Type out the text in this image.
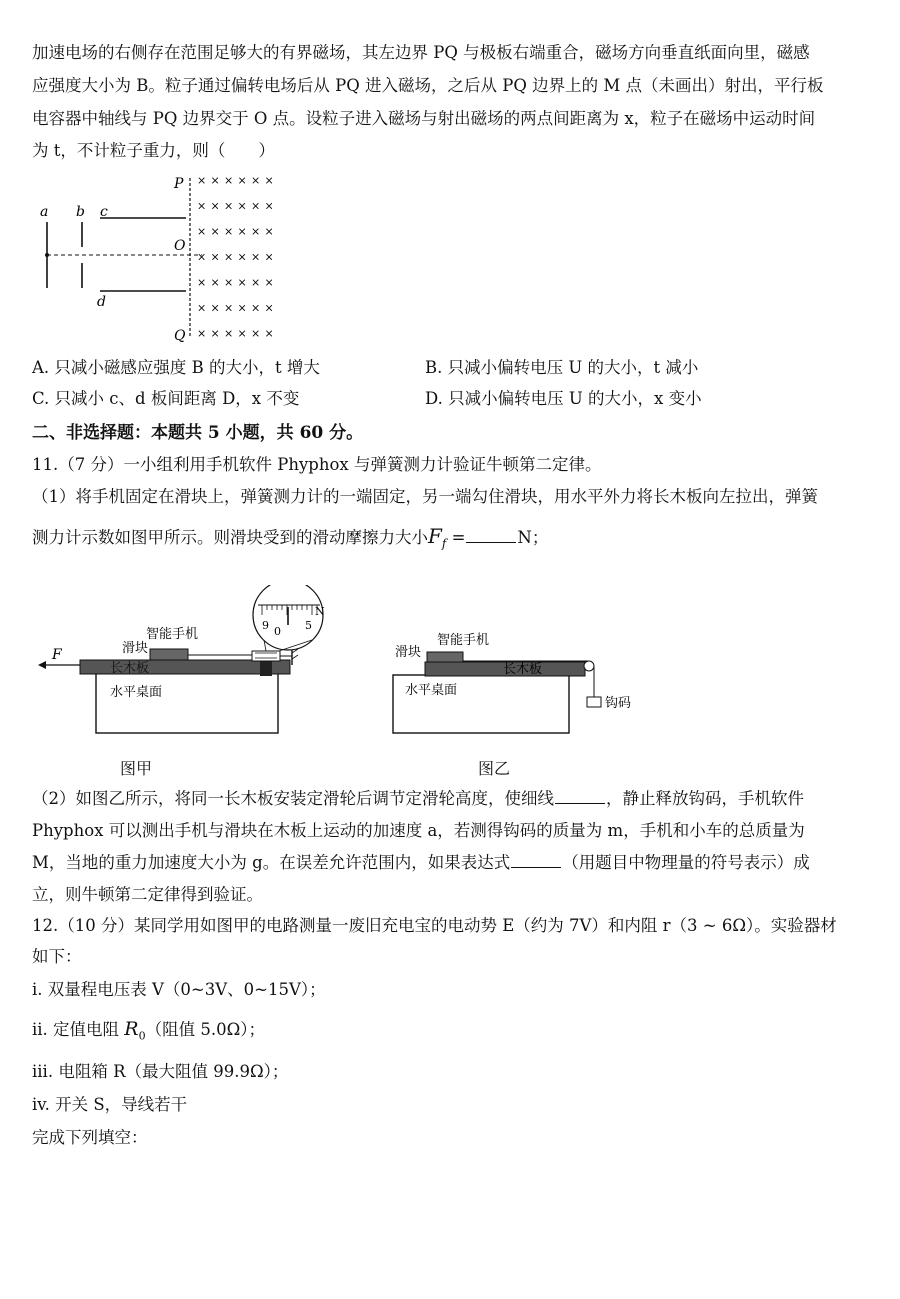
加速电场的右侧存在范围足够大的有界磁场，其左边界 PQ 与极板右端重合，磁场方向垂直纸面向里，磁感
应强度大小为 B。粒子通过偏转电场后从 PQ 进入磁场，之后从 PQ 边界上的 M 点（未画出）射出，平行板
电容器中轴线与 PQ 边界交于 O 点。设粒子进入磁场与射出磁场的两点间距离为 x，粒子在磁场中运动时间
为 t，不计粒子重力，则（　　）
a b c
d
O
P
Q
× × × × × ×
× × × × × ×
× × × × × ×
× × × × × ×
× × × × × ×
× × × × × ×
× × × × × ×
A. 只减小磁感应强度 B 的大小，t 增大	B. 只减小偏转电压 U 的大小，t 减小
C. 只减小 c、d 板间距离 D，x 不变	D. 只减小偏转电压 U 的大小，x 变小
二、非选择题：本题共 5 小题，共 60 分。
11.（7 分）一小组利用手机软件 Phyphox 与弹簧测力计验证牛顿第二定律。
（1）将手机固定在滑块上，弹簧测力计的一端固定，另一端勾住滑块，用水平外力将长木板向左拉出，弹簧
测力计示数如图甲所示。则滑块受到的滑动摩擦力大小$F_f$ =	N；
0
N
9	5
F
智能手机
滑块
长木板
水平桌面
图甲
智能手机
滑块
长木板
水平桌面
钩码
图乙
（2）如图乙所示，将同一长木板安装定滑轮后调节定滑轮高度，使细线	，静止释放钩码，手机软件
Phyphox 可以测出手机与滑块在木板上运动的加速度 a，若测得钩码的质量为 m，手机和小车的总质量为
M，当地的重力加速度大小为 g。在误差允许范围内，如果表达式	（用题目中物理量的符号表示）成
立，则牛顿第二定律得到验证。
12.（10 分）某同学用如图甲的电路测量一废旧充电宝的电动势 E（约为 7V）和内阻 r（3 ~ 6Ω）。实验器材
如下：
i. 双量程电压表 V（0~3V、0~15V）；
ii. 定值电阻 $R_0$（阻值 5.0Ω）；
iii. 电阻箱 R（最大阻值 99.9Ω）；
iv. 开关 S，导线若干
完成下列填空：
